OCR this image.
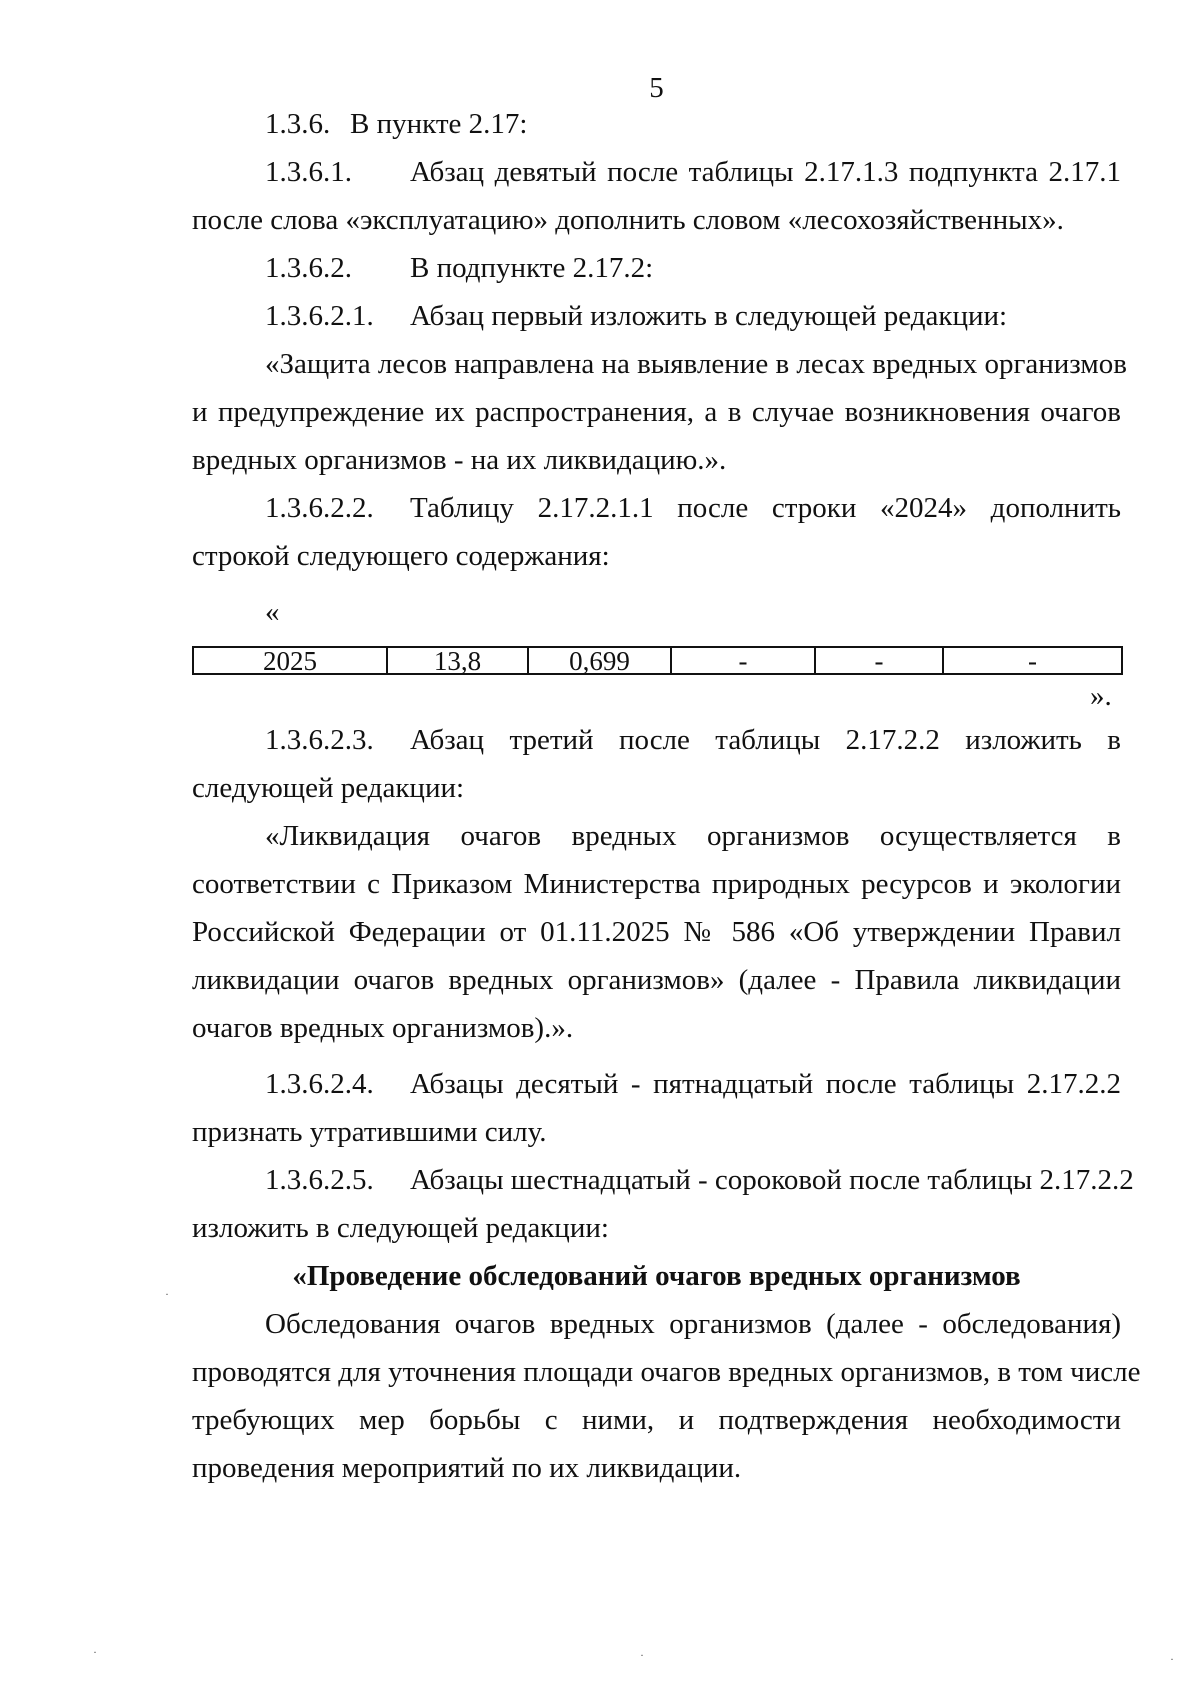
5
1.3.6. В пункте 2.17:
1.3.6.1.	Абзац девятый после таблицы 2.17.1.3 подпункта 2.17.1
после слова «эксплуатацию» дополнить словом «лесохозяйственных».
1.3.6.2.	В подпункте 2.17.2:
1.3.6.2.1.	Абзац первый изложить в следующей редакции:
«Защита лесов направлена на выявление в лесах вредных организмов
и предупреждение их распространения, а в случае возникновения очагов
вредных организмов - на их ликвидацию.».
1.3.6.2.2.	Таблицу 2.17.2.1.1 после строки «2024» дополнить
строкой следующего содержания:
«
2025	13,8	0,699	-	-	-
».
1.3.6.2.3.	Абзац третий после таблицы 2.17.2.2 изложить в
следующей редакции:
«Ликвидация очагов вредных организмов осуществляется в
соответствии с Приказом Министерства природных ресурсов и экологии
Российской Федерации от 01.11.2025 № 586 «Об утверждении Правил
ликвидации очагов вредных организмов» (далее - Правила ликвидации
очагов вредных организмов).».
1.3.6.2.4.	Абзацы десятый - пятнадцатый после таблицы 2.17.2.2
признать утратившими силу.
1.3.6.2.5.	Абзацы шестнадцатый - сороковой после таблицы 2.17.2.2
изложить в следующей редакции:
«Проведение обследований очагов вредных организмов
Обследования очагов вредных организмов (далее - обследования)
проводятся для уточнения площади очагов вредных организмов, в том числе
требующих мер борьбы с ними, и подтверждения необходимости
проведения мероприятий по их ликвидации.
·
·	·	·
